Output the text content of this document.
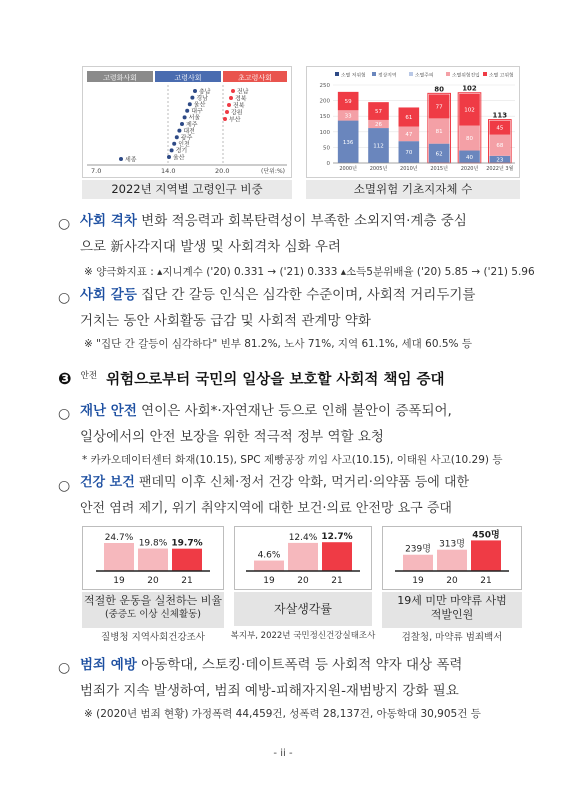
고령화사회	고령사회	초고령사회
충남
경남
울산
대구
서울
제주
대전
광주
인천
경기
울산
전남
경북
전북
강원
부산
세종
7.0	14.0	20.0	(단위:%)
2022년 지역별 고령인구 비중
소멸 저위험	정상지역	소멸주의	소멸위험진입 소멸 고위험
0
50
100
150
200
250
136
33
59
2000년
112
26
57
2005년
70
47
61
2010년
62
81
77
80
2015년
40
80
102
102
2020년
23
68
45
113
2022년 3월
소멸위험 기초지자체 수
○ 사회 격차 변화 적응력과 회복탄력성이 부족한 소외지역·계층 중심
으로 新사각지대 발생 및 사회격차 심화 우려
※ 양극화지표 : ▴지니계수 ('20) 0.331 → ('21) 0.333 ▴소득5분위배율 ('20) 5.85 → ('21) 5.96
○ 사회 갈등 집단 간 갈등 인식은 심각한 수준이며, 사회적 거리두기를
거치는 동안 사회활동 급감 및 사회적 관계망 약화
※ "집단 간 갈등이 심각하다" 빈부 81.2%, 노사 71%, 지역 61.1%, 세대 60.5% 등
❸ $^{안전}$ 위험으로부터 국민의 일상을 보호할 사회적 책임 증대
○ 재난 안전 연이은 사회*·자연재난 등으로 인해 불안이 증폭되어,
일상에서의 안전 보장을 위한 적극적 정부 역할 요청
* 카카오데이터센터 화재(10.15), SPC 제빵공장 끼임 사고(10.15), 이태원 사고(10.29) 등
○ 건강 보건 팬데믹 이후 신체·정서 건강 악화, 먹거리·의약품 등에 대한
안전 염려 제기, 위기 취약지역에 대한 보건·의료 안전망 요구 증대
24.7%
19
19.8%
20
19.7%
21
적절한 운동을 실천하는 비율
(중증도 이상 신체활동)
질병청 지역사회건강조사
4.6%
19
12.4%
20
12.7%
21
자살생각률
복지부, 2022년 국민정신건강실태조사
239명
19
313명
20
450명
21
19세 미만 마약류 사범
적발인원
검찰청, 마약류 범죄백서
○ 범죄 예방 아동학대, 스토킹·데이트폭력 등 사회적 약자 대상 폭력
범죄가 지속 발생하여, 범죄 예방-피해자지원-재범방지 강화 필요
※ (2020년 범죄 현황) 가정폭력 44,459건, 성폭력 28,137건, 아동학대 30,905건 등
- ii -
